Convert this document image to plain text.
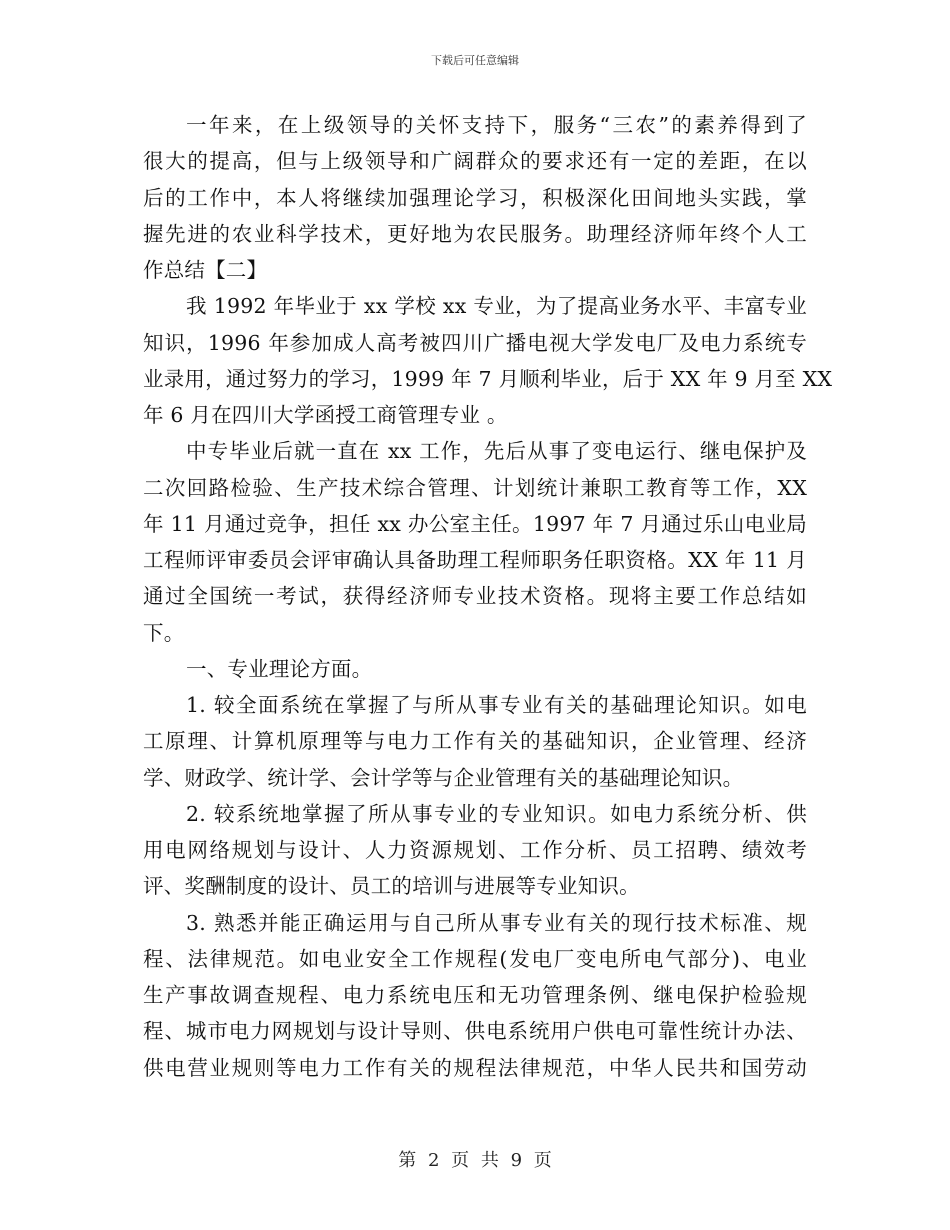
下载后可任意编辑
一年来，在上级领导的关怀支持下，服务“三农”的素养得到了
很大的提高，但与上级领导和广阔群众的要求还有一定的差距，在以
后的工作中，本人将继续加强理论学习，积极深化田间地头实践，掌
握先进的农业科学技术，更好地为农民服务。助理经济师年终个人工
作总结【二】
我 1992 年毕业于 xx 学校 xx 专业，为了提高业务水平、丰富专业
知识，1996 年参加成人高考被四川广播电视大学发电厂及电力系统专
业录用，通过努力的学习，1999 年 7 月顺利毕业，后于 XX 年 9 月至 XX
年 6 月在四川大学函授工商管理专业 。
中专毕业后就一直在 xx 工作，先后从事了变电运行、继电保护及
二次回路检验、生产技术综合管理、计划统计兼职工教育等工作，XX
年 11 月通过竞争，担任 xx 办公室主任。1997 年 7 月通过乐山电业局
工程师评审委员会评审确认具备助理工程师职务任职资格。XX 年 11 月
通过全国统一考试，获得经济师专业技术资格。现将主要工作总结如
下。
一、专业理论方面。
1. 较全面系统在掌握了与所从事专业有关的基础理论知识。如电
工原理、计算机原理等与电力工作有关的基础知识，企业管理、经济
学、财政学、统计学、会计学等与企业管理有关的基础理论知识。
2. 较系统地掌握了所从事专业的专业知识。如电力系统分析、供
用电网络规划与设计、人力资源规划、工作分析、员工招聘、绩效考
评、奖酬制度的设计、员工的培训与进展等专业知识。
3. 熟悉并能正确运用与自己所从事专业有关的现行技术标准、规
程、法律规范。如电业安全工作规程(发电厂变电所电气部分)、电业
生产事故调查规程、电力系统电压和无功管理条例、继电保护检验规
程、城市电力网规划与设计导则、供电系统用户供电可靠性统计办法、
供电营业规则等电力工作有关的规程法律规范，中华人民共和国劳动
第 2 页 共 9 页
